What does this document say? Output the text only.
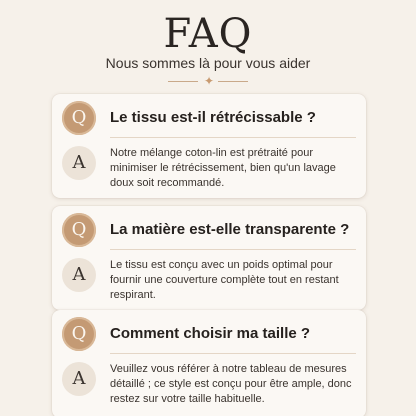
FAQ
Nous sommes là pour vous aider
✦
Q	Le tissu est-il rétrécissable ?
A	Notre mélange coton-lin est prétraité pour minimiser le rétrécissement, bien qu'un lavage doux soit recommandé.
Q	La matière est-elle transparente ?
A	Le tissu est conçu avec un poids optimal pour fournir une couverture complète tout en restant respirant.
Q	Comment choisir ma taille ?
A	Veuillez vous référer à notre tableau de mesures détaillé ; ce style est conçu pour être ample, donc restez sur votre taille habituelle.
